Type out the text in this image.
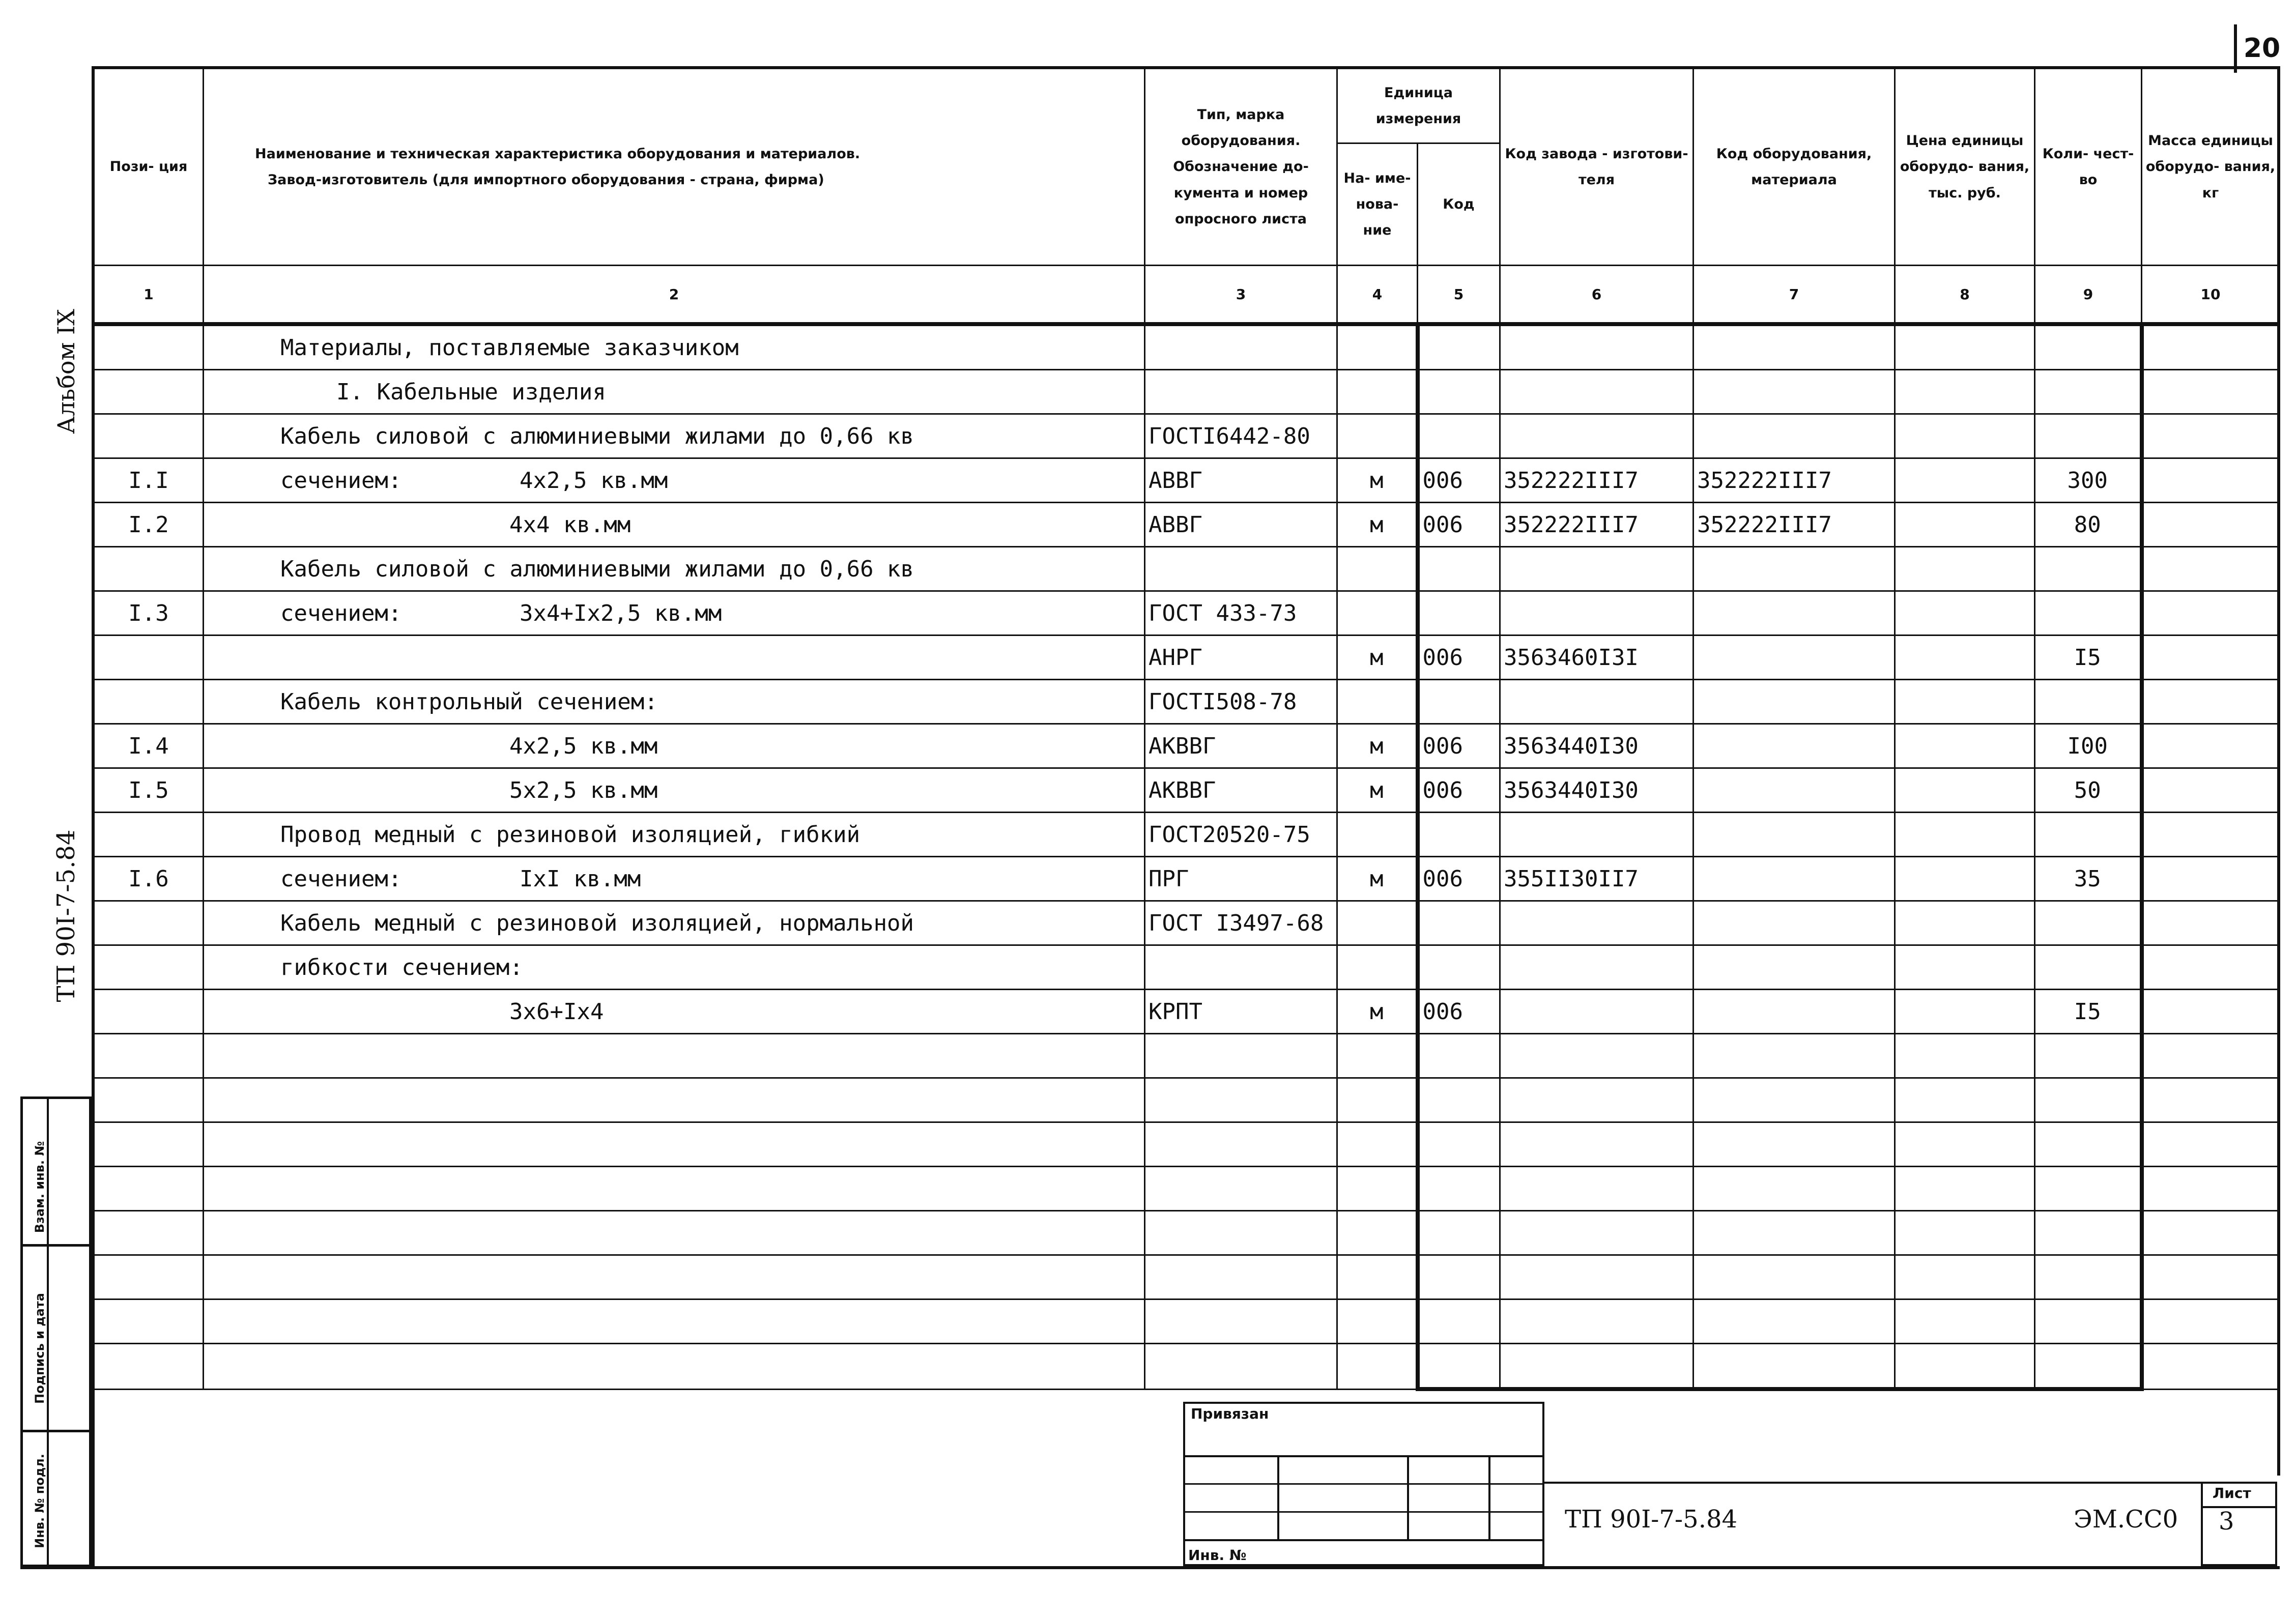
20
Альбом IX
ТП 90I-7-5.84
Взам. инв. №
Подпись и дата
Инв. № подл.
Пози- ция	Наименование и техническая характеристика оборудования и материалов.
Завод-изготовитель (для импортного оборудования - страна, фирма)	Тип, марка оборудования. Обозначение до- кумента и номер опросного листа	Единица измерения		Код завода - изготови- теля	Код оборудования, материала	Цена единицы оборудо- вания, тыс. руб.	Коли- чест- во	Масса единицы оборудо- вания, кг
			На- име- нова- ние	Код					
1	2	3	4	5	6	7	8	9	10
	Материалы, поставляемые заказчиком								
	I. Кабельные изделия								
	Кабель силовой с алюминиевыми жилами до 0,66 кв	ГОСТI6442-80							
I.I	сечением: 4х2,5 кв.мм	АВВГ	м	006	352222III7	352222III7		300	
I.2	4х4 кв.мм	АВВГ	м	006	352222III7	352222III7		80	
	Кабель силовой с алюминиевыми жилами до 0,66 кв								
I.3	сечением: 3х4+Iх2,5 кв.мм	ГОСТ 433-73							
		АНРГ	м	006	3563460I3I			I5	
	Кабель контрольный сечением:	ГОСТI508-78							
I.4	4х2,5 кв.мм	АКВВГ	м	006	3563440I30			I00	
I.5	5х2,5 кв.мм	АКВВГ	м	006	3563440I30			50	
	Провод медный с резиновой изоляцией, гибкий	ГОСТ20520-75							
I.6	сечением: IхI кв.мм	ПРГ	м	006	355II30II7			35	
	Кабель медный с резиновой изоляцией, нормальной	ГОСТ I3497-68							
	гибкости сечением:								
	3х6+Iх4	КРПТ	м	006				I5	

Привязан
Инв. №
ТП 90I-7-5.84	ЭМ.СС0
Лист
3
